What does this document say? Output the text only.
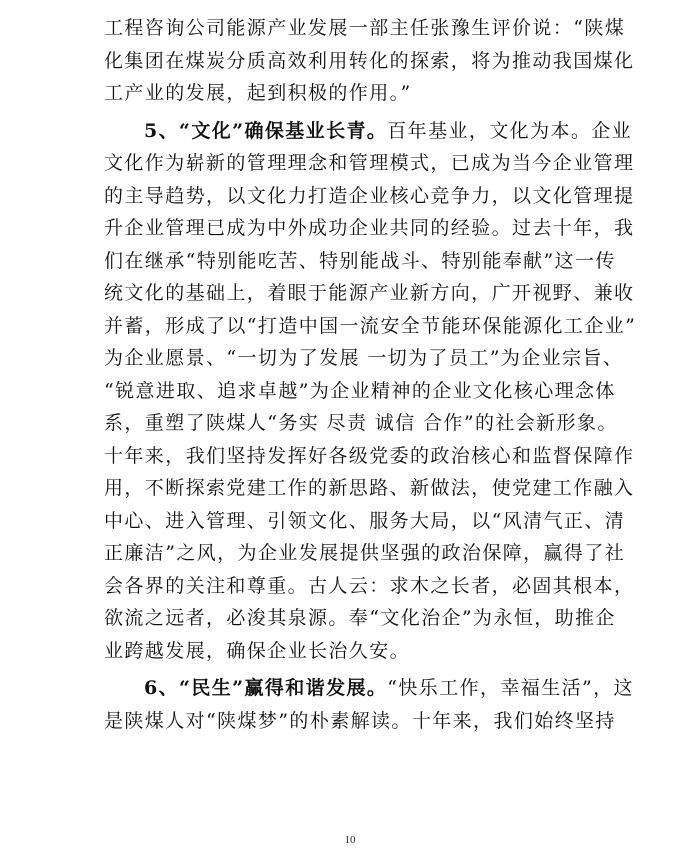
工程咨询公司能源产业发展一部主任张豫生评价说：“陕煤
化集团在煤炭分质高效利用转化的探索，将为推动我国煤化
工产业的发展，起到积极的作用。”
5、“文化”确保基业长青。百年基业，文化为本。企业
文化作为崭新的管理理念和管理模式，已成为当今企业管理
的主导趋势，以文化力打造企业核心竞争力，以文化管理提
升企业管理已成为中外成功企业共同的经验。过去十年，我
们在继承“特别能吃苦、特别能战斗、特别能奉献”这一传
统文化的基础上，着眼于能源产业新方向，广开视野、兼收
并蓄，形成了以“打造中国一流安全节能环保能源化工企业”
为企业愿景、“一切为了发展 一切为了员工”为企业宗旨、
“锐意进取、追求卓越”为企业精神的企业文化核心理念体
系，重塑了陕煤人“务实 尽责 诚信 合作”的社会新形象。
十年来，我们坚持发挥好各级党委的政治核心和监督保障作
用，不断探索党建工作的新思路、新做法，使党建工作融入
中心、进入管理、引领文化、服务大局，以“风清气正、清
正廉洁”之风，为企业发展提供坚强的政治保障，赢得了社
会各界的关注和尊重。古人云：求木之长者，必固其根本，
欲流之远者，必浚其泉源。奉“文化治企”为永恒，助推企
业跨越发展，确保企业长治久安。
6、“民生”赢得和谐发展。“快乐工作，幸福生活”，这
是陕煤人对“陕煤梦”的朴素解读。十年来，我们始终坚持
10
